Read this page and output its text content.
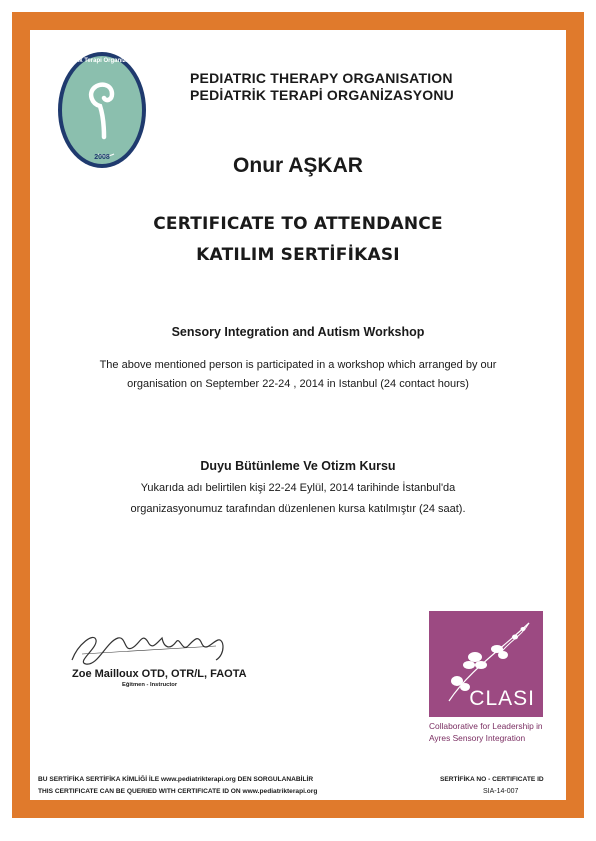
Pediatrik Terapi Organizasyonu
2008
PEDIATRIC THERAPY ORGANISATION
PEDİATRİK TERAPİ ORGANİZASYONU
Onur AŞKAR
CERTIFICATE TO ATTENDANCE
KATILIM SERTİFİKASI
Sensory Integration and Autism Workshop
The above mentioned person is participated in a workshop which arranged by our
organisation on September 22-24 , 2014 in Istanbul (24 contact hours)
Duyu Bütünleme Ve Otizm Kursu
Yukarıda adı belirtilen kişi 22-24 Eylül, 2014 tarihinde İstanbul'da
organizasyonumuz tarafından düzenlenen kursa katılmıştır (24 saat).
Zoe Mailloux OTD, OTR/L, FAOTA
Eğitmen - Instructor
CLASI
Collaborative for Leadership in
Ayres Sensory Integration
BU SERTİFİKA SERTİFİKA KİMLİĞİ İLE www.pediatrikterapi.org DEN SORGULANABİLİR
THIS CERTIFICATE CAN BE QUERIED WITH CERTIFICATE ID ON www.pediatrikterapi.org
SERTİFİKA NO - CERTIFICATE ID
SIA-14-007
